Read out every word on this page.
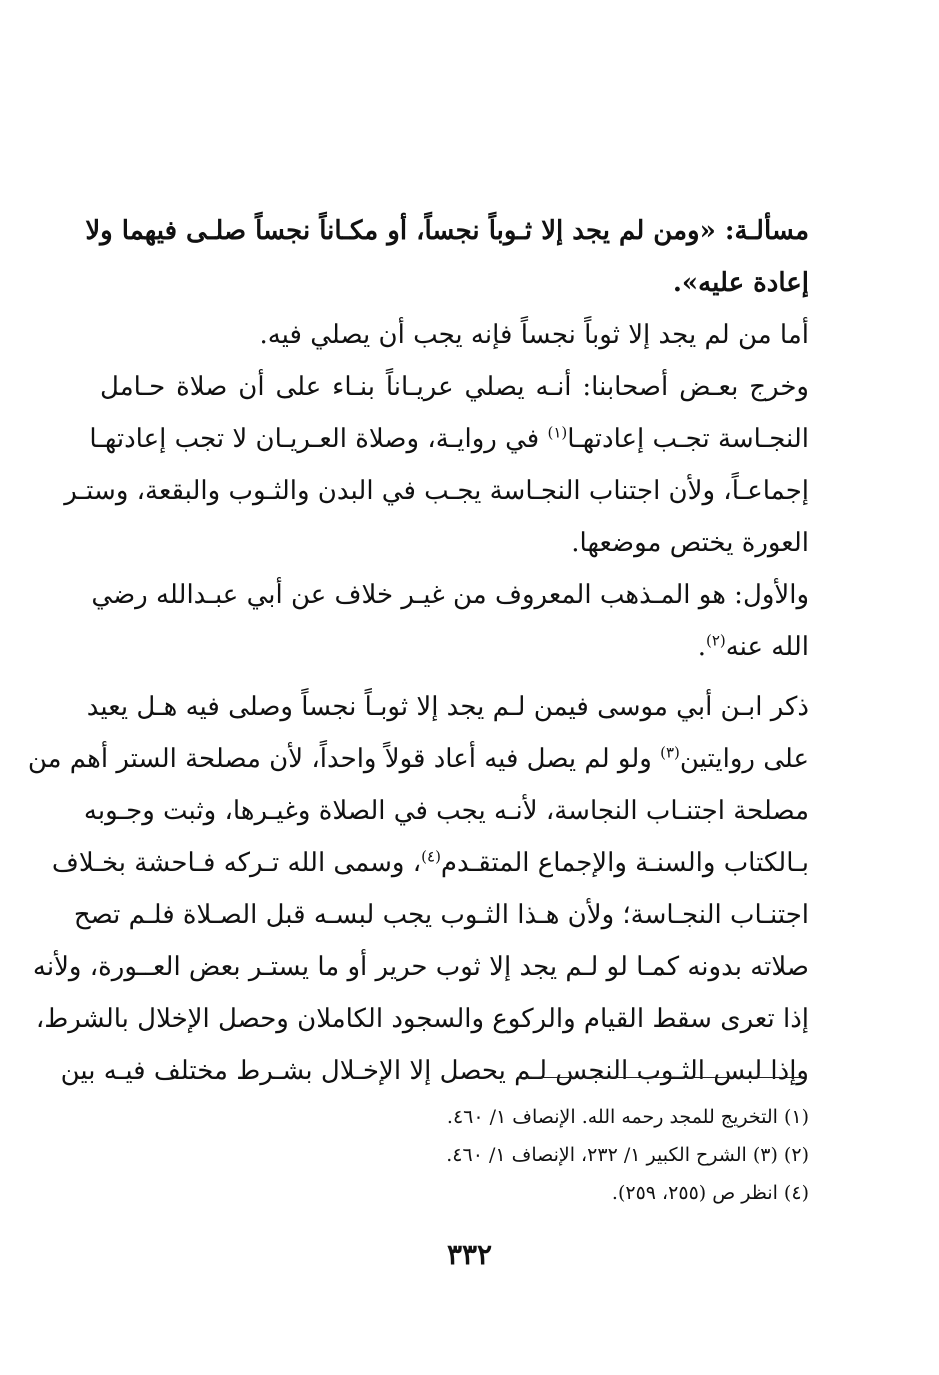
مسألـة: «ومن لم يجد إلا ثـوباً نجساً، أو مكـاناً نجساً صلـى فيهما ولا
إعادة عليه».
أما من لم يجد إلا ثوباً نجساً فإنه يجب أن يصلي فيه.
وخرج بعـض أصحابنا: أنـه يصلي عريـاناً بنـاء على أن صلاة حـامل
النجـاسة تجـب إعادتهـا$^{(١)}$ في روايـة، وصلاة العـريـان لا تجب إعادتهـا
إجماعـاً، ولأن اجتناب النجـاسة يجـب في البدن والثـوب والبقعة، وستـر
العورة يختص موضعها.
والأول: هو المـذهب المعروف من غيـر خلاف عن أبي عبـدالله رضي
الله عنه$^{(٢)}$.
ذكر ابـن أبي موسى فيمن لـم يجد إلا ثوبـاً نجساً وصلى فيه هـل يعيد
على روايتين$^{(٣)}$ ولو لم يصل فيه أعاد قولاً واحداً، لأن مصلحة الستر أهم من
مصلحة اجتنـاب النجاسة، لأنـه يجب في الصلاة وغيـرها، وثبت وجـوبه
بـالكتاب والسنـة والإجماع المتقـدم$^{(٤)}$، وسمى الله تـركه فـاحشة بخـلاف
اجتنـاب النجـاسة؛ ولأن هـذا الثـوب يجب لبسـه قبل الصـلاة فلـم تصح
صلاته بدونه كمـا لو لـم يجد إلا ثوب حرير أو ما يستـر بعض العــورة، ولأنه
إذا تعرى سقط القيام والركوع والسجود الكاملان وحصل الإخلال بالشرط،
وإذا لبس الثـوب النجس لـم يحصل إلا الإخـلال بشـرط مختلف فيـه بين
(١) التخريج للمجد رحمه الله. الإنصاف ١/ ٤٦٠.
(٢) (٣) الشرح الكبير ١/ ٢٣٢، الإنصاف ١/ ٤٦٠.
(٤) انظر ص (٢٥٥، ٢٥٩).
٣٣٢
